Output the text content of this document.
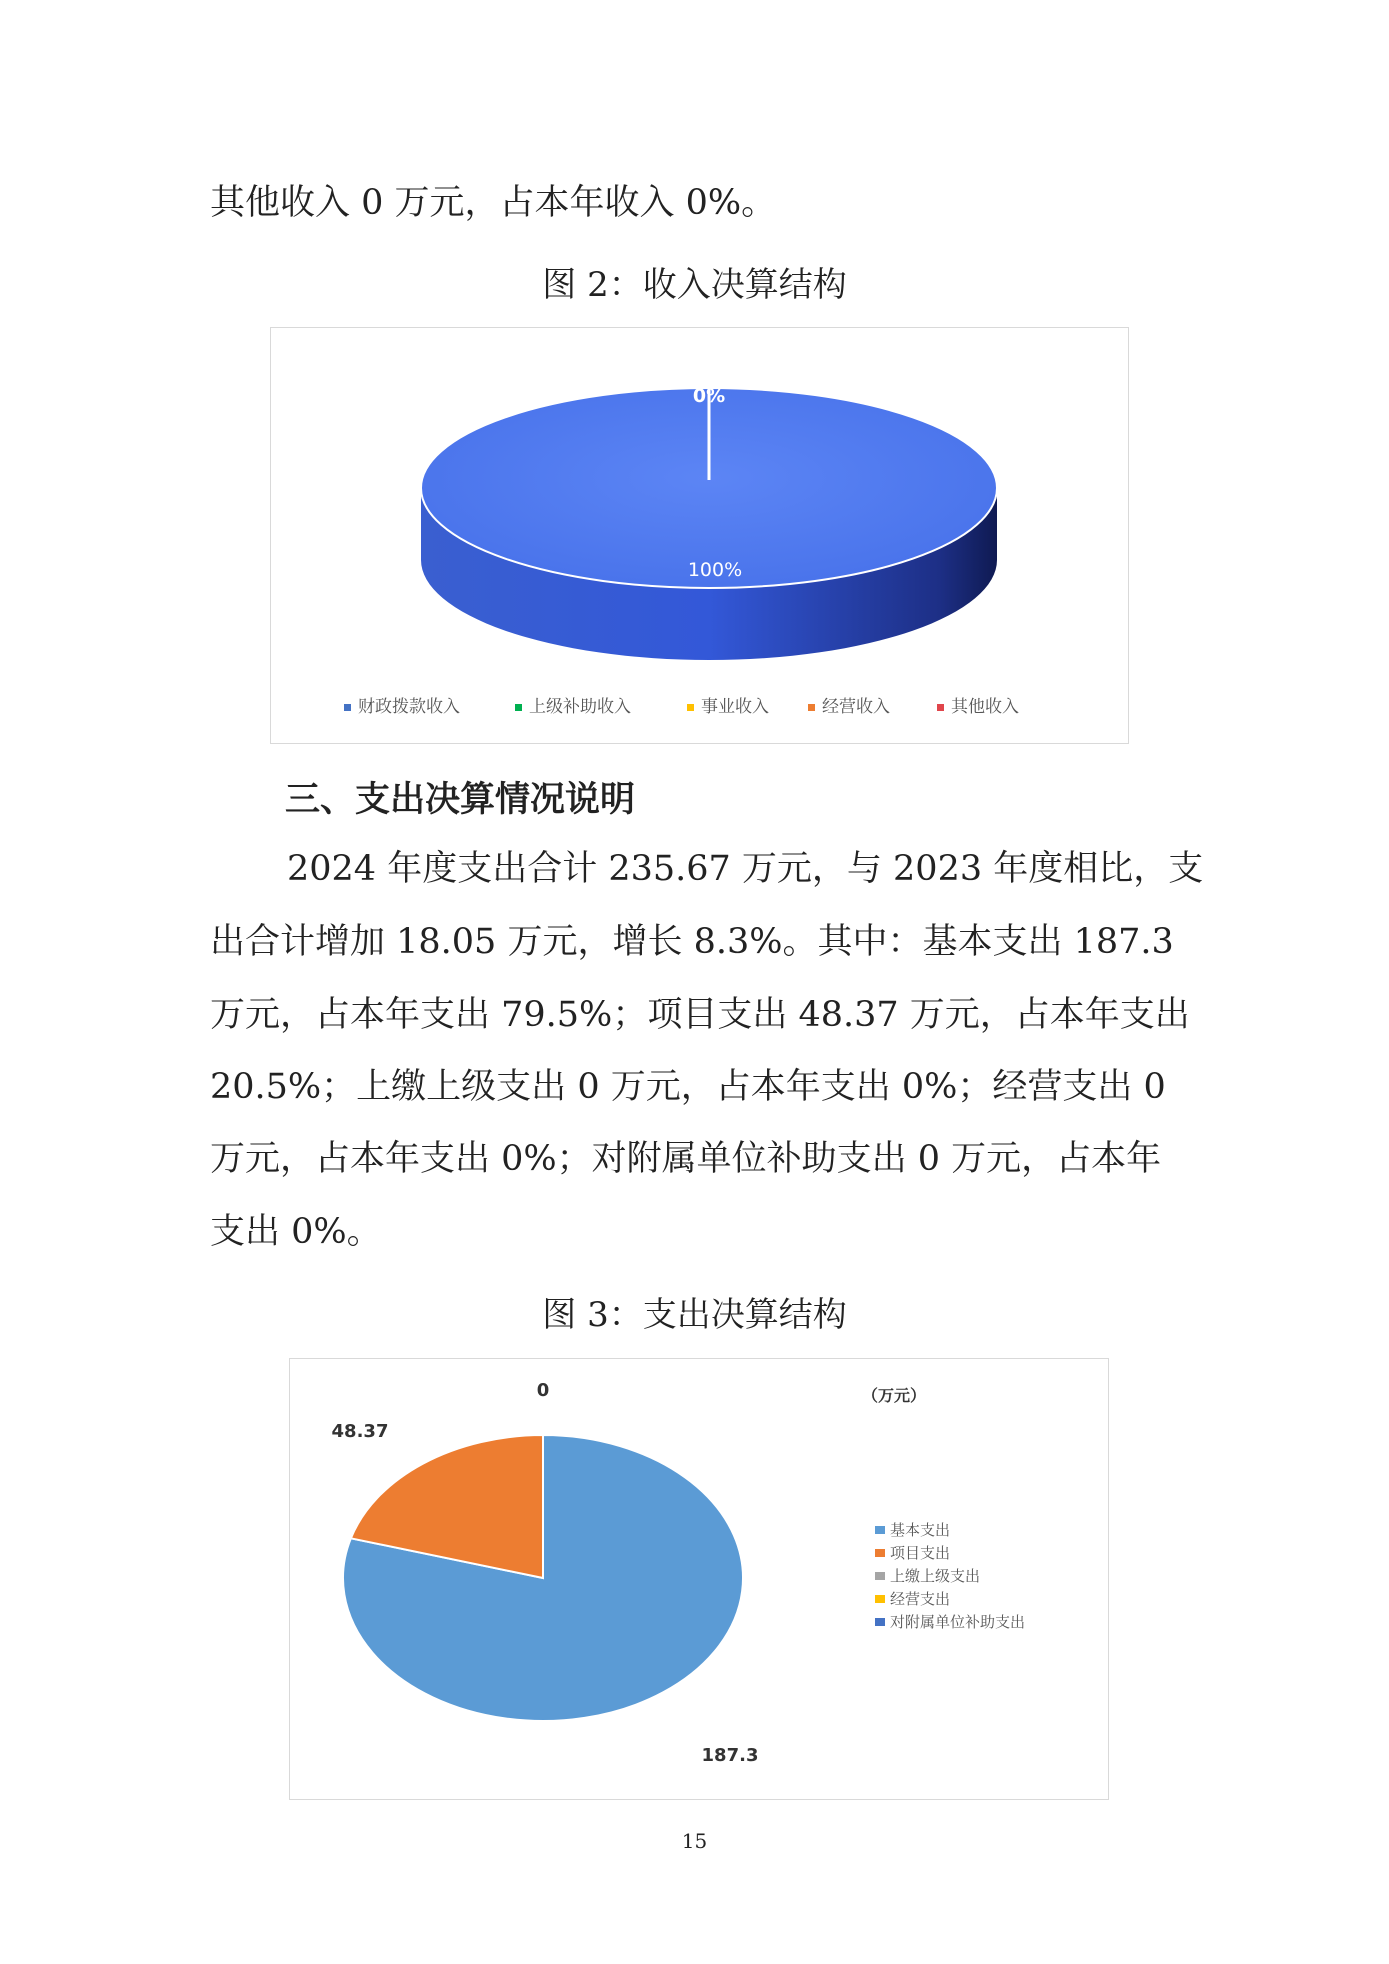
其他收入 0 万元，占本年收入 0%。
图 2：收入决算结构
0%
100%
财政拨款收入	上级补助收入	事业收入	经营收入	其他收入
三、支出决算情况说明
2024 年度支出合计 235.67 万元，与 2023 年度相比，支
出合计增加 18.05 万元，增长 8.3%。其中：基本支出 187.3
万元，占本年支出 79.5%；项目支出 48.37 万元，占本年支出
20.5%；上缴上级支出 0 万元，占本年支出 0%；经营支出 0
万元，占本年支出 0%；对附属单位补助支出 0 万元，占本年
支出 0%。
图 3：支出决算结构
187.3
48.37
0	（万元）
基本支出
项目支出
上缴上级支出
经营支出
对附属单位补助支出
15
